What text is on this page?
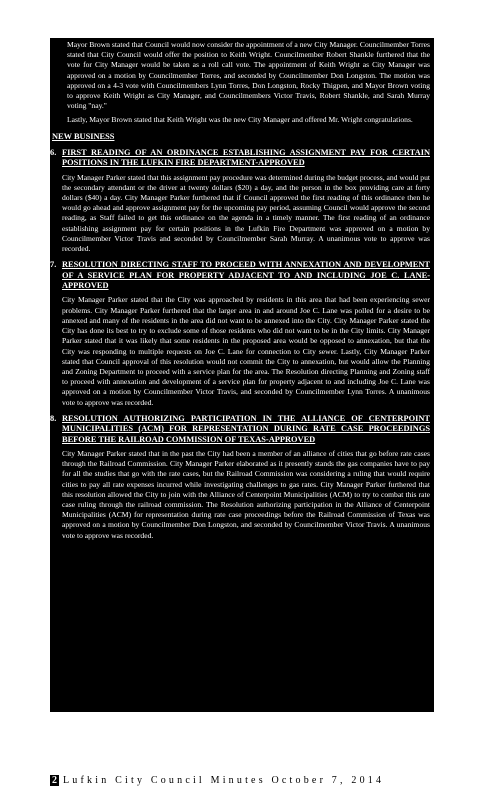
Mayor Brown stated that Council would now consider the appointment of a new City Manager. Councilmember Torres stated that City Council would offer the position to Keith Wright. Councilmember Robert Shankle furthered that the vote for City Manager would be taken as a roll call vote. The appointment of Keith Wright as City Manager was approved on a motion by Councilmember Torres, and seconded by Councilmember Don Longston. The motion was approved on a 4-3 vote with Councilmembers Lynn Torres, Don Longston, Rocky Thigpen, and Mayor Brown voting to approve Keith Wright as City Manager, and Councilmembers Victor Travis, Robert Shankle, and Sarah Murray voting "nay."

Lastly, Mayor Brown stated that Keith Wright was the new City Manager and offered Mr. Wright congratulations.

NEW BUSINESS

6. FIRST READING OF AN ORDINANCE ESTABLISHING ASSIGNMENT PAY FOR CERTAIN POSITIONS IN THE LUFKIN FIRE DEPARTMENT-APPROVED

City Manager Parker stated that this assignment pay procedure was determined during the budget process, and would put the secondary attendant or the driver at twenty dollars ($20) a day, and the person in the box providing care at forty dollars ($40) a day. City Manager Parker furthered that if Council approved the first reading of this ordinance then he would go ahead and approve assignment pay for the upcoming pay period, assuming Council would approve the second reading, as Staff failed to get this ordinance on the agenda in a timely manner. The first reading of an ordinance establishing assignment pay for certain positions in the Lufkin Fire Department was approved on a motion by Councilmember Victor Travis and seconded by Councilmember Sarah Murray. A unanimous vote to approve was recorded.

7. RESOLUTION DIRECTING STAFF TO PROCEED WITH ANNEXATION AND DEVELOPMENT OF A SERVICE PLAN FOR PROPERTY ADJACENT TO AND INCLUDING JOE C. LANE-APPROVED

City Manager Parker stated that the City was approached by residents in this area that had been experiencing sewer problems. City Manager Parker furthered that the larger area in and around Joe C. Lane was polled for a desire to be annexed and many of the residents in the area did not want to be annexed into the City. City Manager Parker stated the City has done its best to try to exclude some of those residents who did not want to be in the City limits. City Manager Parker stated that it was likely that some residents in the proposed area would be opposed to annexation, but that the City was responding to multiple requests on Joe C. Lane for connection to City sewer. Lastly, City Manager Parker stated that Council approval of this resolution would not commit the City to annexation, but would allow the Planning and Zoning Department to proceed with a service plan for the area. The Resolution directing Planning and Zoning staff to proceed with annexation and development of a service plan for property adjacent to and including Joe C. Lane was approved on a motion by Councilmember Victor Travis, and seconded by Councilmember Lynn Torres. A unanimous vote to approve was recorded.

8. RESOLUTION AUTHORIZING PARTICIPATION IN THE ALLIANCE OF CENTERPOINT MUNICIPALITIES (ACM) FOR REPRESENTATION DURING RATE CASE PROCEEDINGS BEFORE THE RAILROAD COMMISSION OF TEXAS-APPROVED

City Manager Parker stated that in the past the City had been a member of an alliance of cities that go before rate cases through the Railroad Commission. City Manager Parker elaborated as it presently stands the gas companies have to pay for all the studies that go with the rate cases, but the Railroad Commission was considering a ruling that would require cities to pay all rate expenses incurred while investigating challenges to gas rates. City Manager Parker furthered that this resolution allowed the City to join with the Alliance of Centerpoint Municipalities (ACM) to try to combat this rate case ruling through the railroad commission. The Resolution authorizing participation in the Alliance of Centerpoint Municipalities (ACM) for representation during rate case proceedings before the Railroad Commission of Texas was approved on a motion by Councilmember Don Longston, and seconded by Councilmember Victor Travis. A unanimous vote to approve was recorded.

2 Lufkin City Council Minutes October 7, 2014
